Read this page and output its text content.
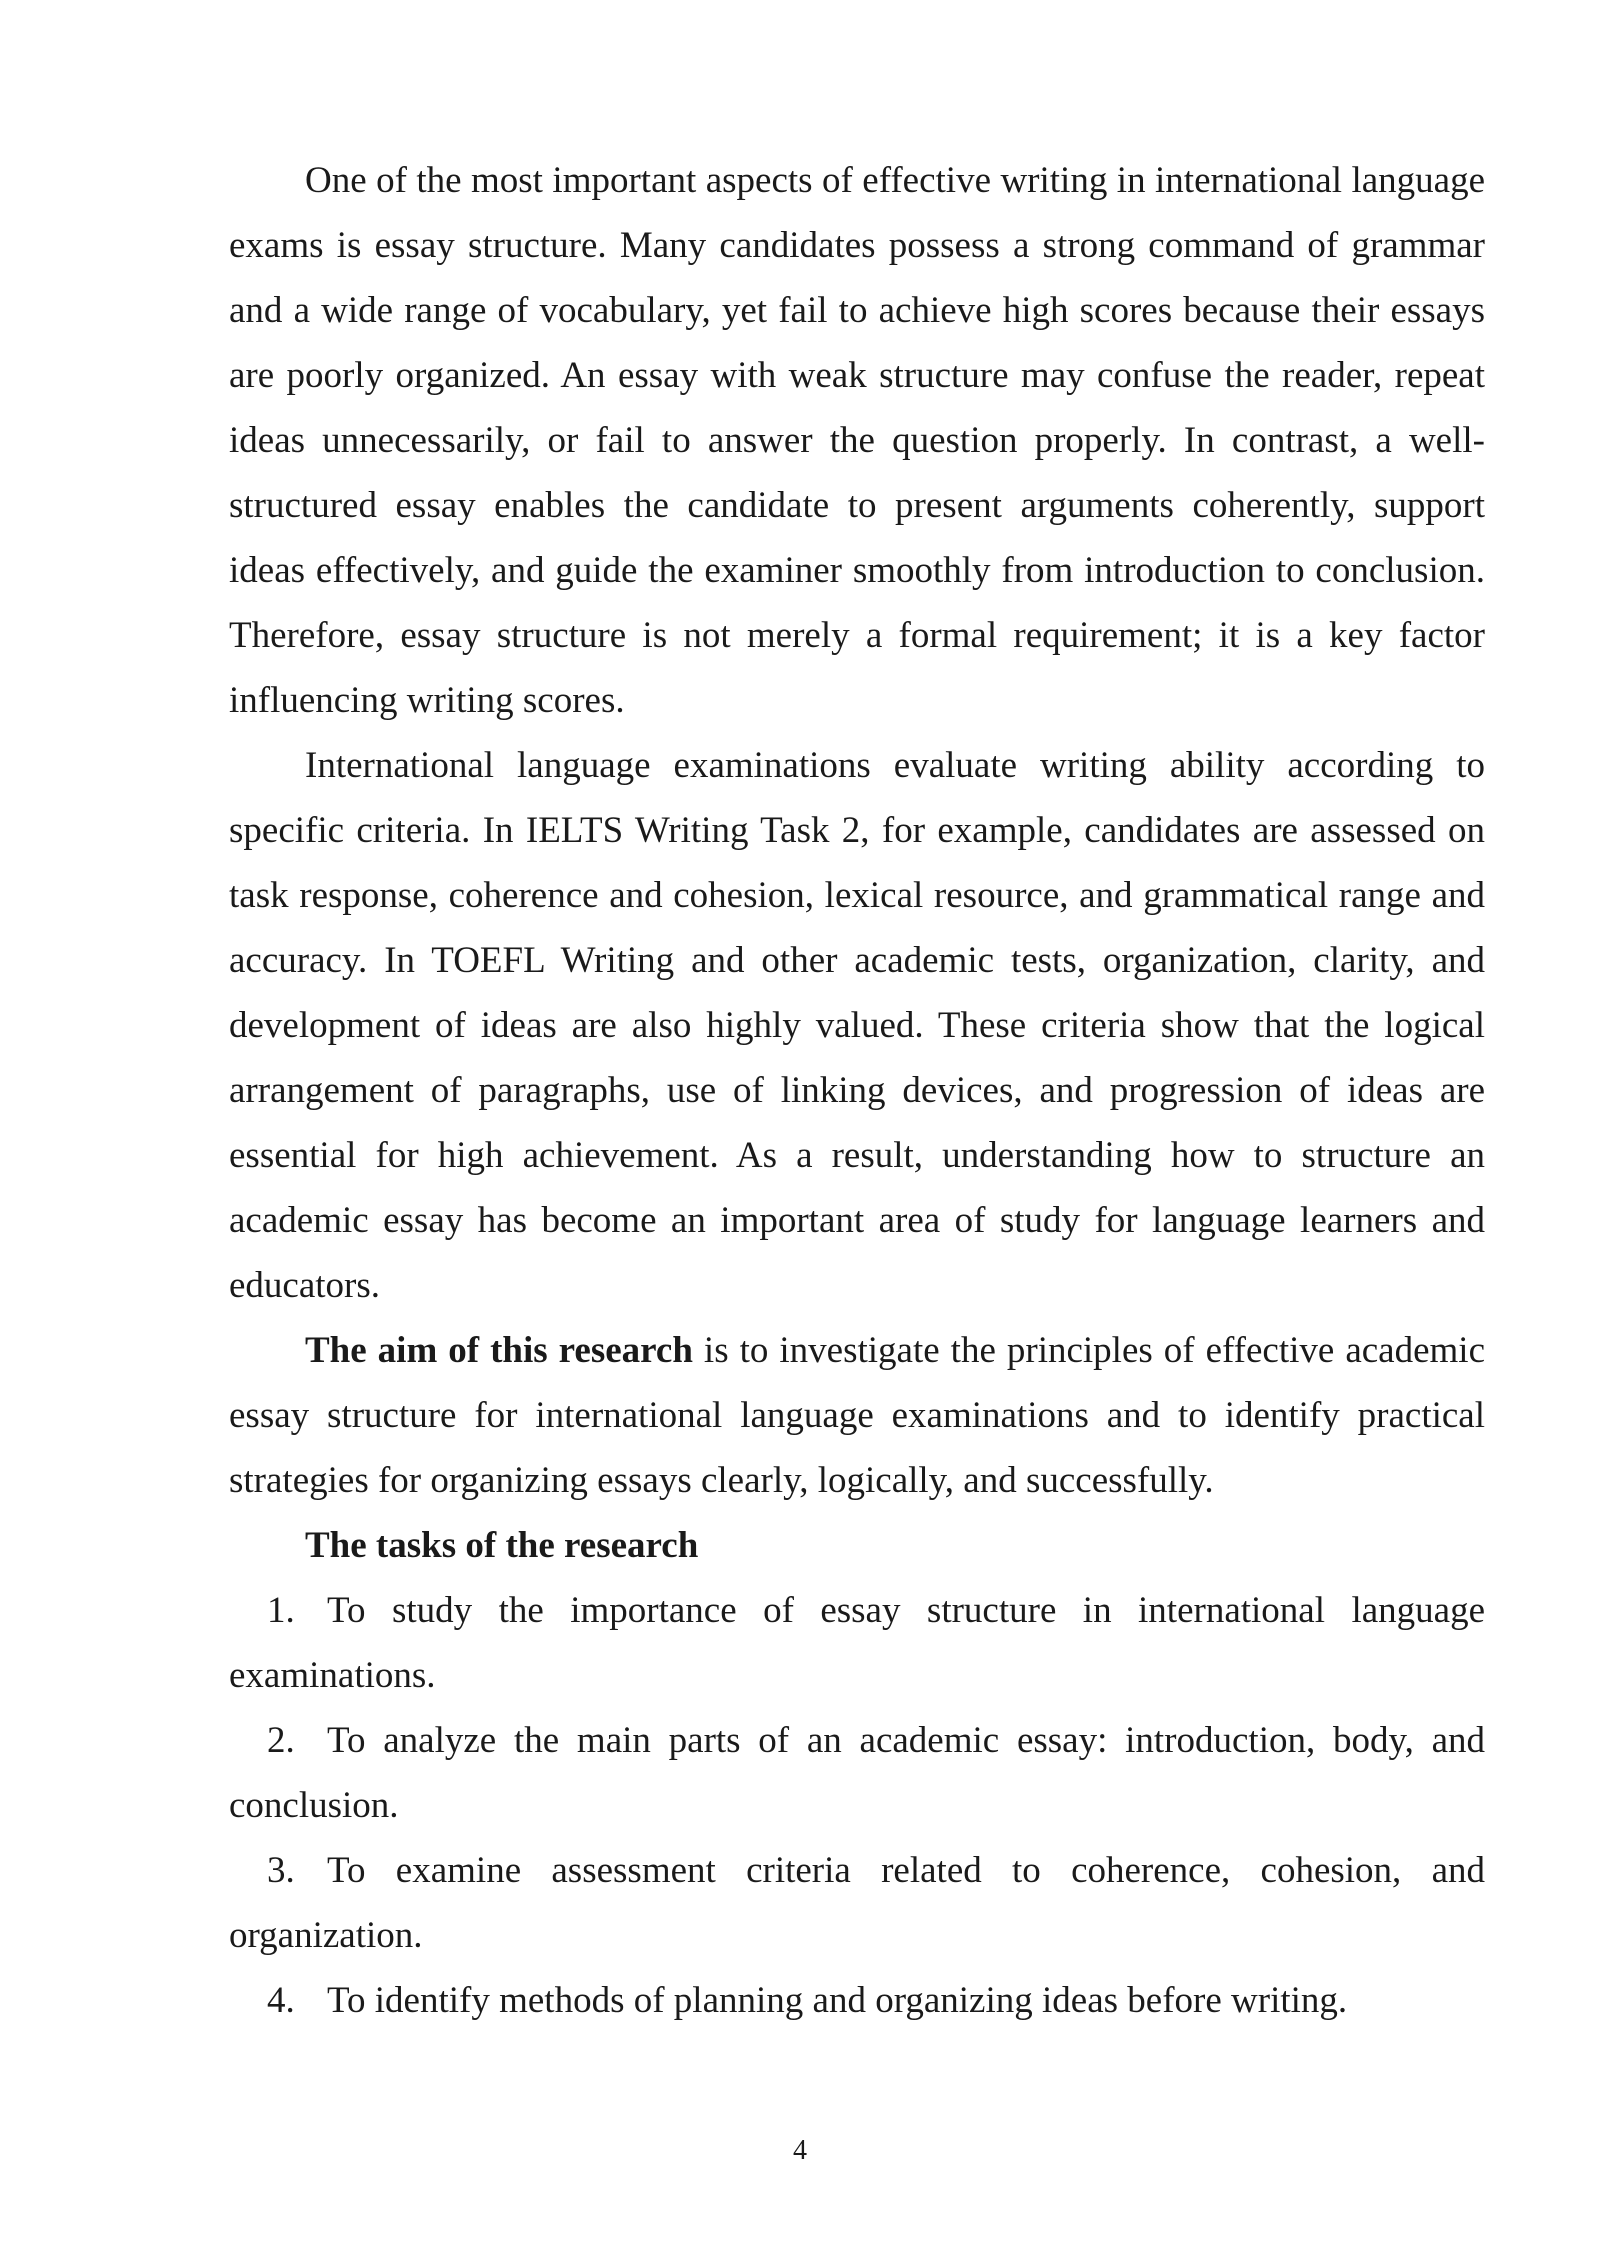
One of the most important aspects of effective writing in international language exams is essay structure. Many candidates possess a strong command of grammar and a wide range of vocabulary, yet fail to achieve high scores because their essays are poorly organized. An essay with weak structure may confuse the reader, repeat ideas unnecessarily, or fail to answer the question properly. In contrast, a well-structured essay enables the candidate to present arguments coherently, support ideas effectively, and guide the examiner smoothly from introduction to conclusion. Therefore, essay structure is not merely a formal requirement; it is a key factor influencing writing scores.

International language examinations evaluate writing ability according to specific criteria. In IELTS Writing Task 2, for example, candidates are assessed on task response, coherence and cohesion, lexical resource, and grammatical range and accuracy. In TOEFL Writing and other academic tests, organization, clarity, and development of ideas are also highly valued. These criteria show that the logical arrangement of paragraphs, use of linking devices, and progression of ideas are essential for high achievement. As a result, understanding how to structure an academic essay has become an important area of study for language learners and educators.

The aim of this research is to investigate the principles of effective academic essay structure for international language examinations and to identify practical strategies for organizing essays clearly, logically, and successfully.

The tasks of the research

1. To study the importance of essay structure in international language examinations.
2. To analyze the main parts of an academic essay: introduction, body, and conclusion.
3. To examine assessment criteria related to coherence, cohesion, and organization.
4. To identify methods of planning and organizing ideas before writing.
4
